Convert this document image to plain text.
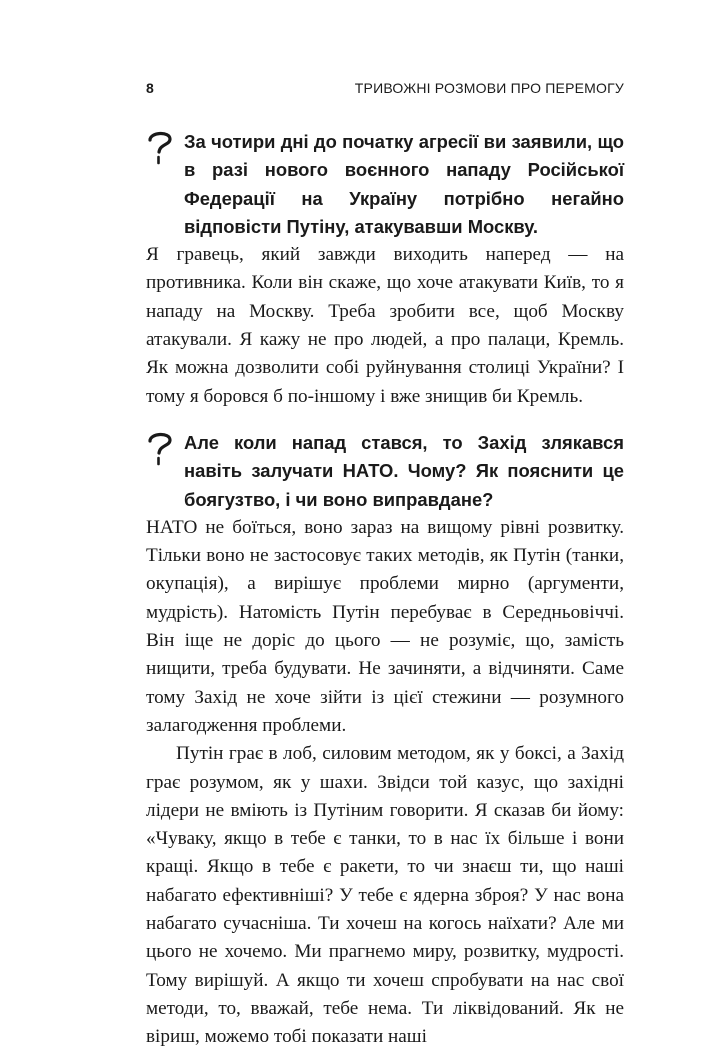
8	ТРИВОЖНІ РОЗМОВИ ПРО ПЕРЕМОГУ

За чотири дні до початку агресії ви заявили, що в разі нового воєнного нападу Російської Федерації на Україну потрібно негайно відповісти Путіну, атакувавши Москву.

Я гравець, який завжди виходить наперед — на противника. Коли він скаже, що хоче атакувати Київ, то я нападу на Москву. Треба зробити все, щоб Москву атакували. Я кажу не про людей, а про палаци, Кремль. Як можна дозволити собі руйнування столиці України? І тому я боровся б по-іншому і вже знищив би Кремль.

Але коли напад стався, то Захід злякався навіть залучати НАТО. Чому? Як пояснити це боягузтво, і чи воно виправдане?

НАТО не боїться, воно зараз на вищому рівні розвитку. Тільки воно не застосовує таких методів, як Путін (танки, окупація), а вирішує проблеми мирно (аргументи, мудрість). Натомість Путін перебуває в Середньовіччі. Він іще не доріс до цього — не розуміє, що, замість нищити, треба будувати. Не зачиняти, а відчиняти. Саме тому Захід не хоче зійти із цієї стежини — розумного залагодження проблеми.

Путін грає в лоб, силовим методом, як у боксі, а Захід грає розумом, як у шахи. Звідси той казус, що західні лідери не вміють із Путіним говорити. Я сказав би йому: «Чуваку, якщо в тебе є танки, то в нас їх більше і вони кращі. Якщо в тебе є ракети, то чи знаєш ти, що наші набагато ефективніші? У тебе є ядерна зброя? У нас вона набагато сучасніша. Ти хочеш на когось наїхати? Але ми цього не хочемо. Ми прагнемо миру, розвитку, мудрості. Тому вирішуй. А якщо ти хочеш спробувати на нас свої методи, то, вважай, тебе нема. Ти ліквідований. Як не віриш, можемо тобі показати наші
